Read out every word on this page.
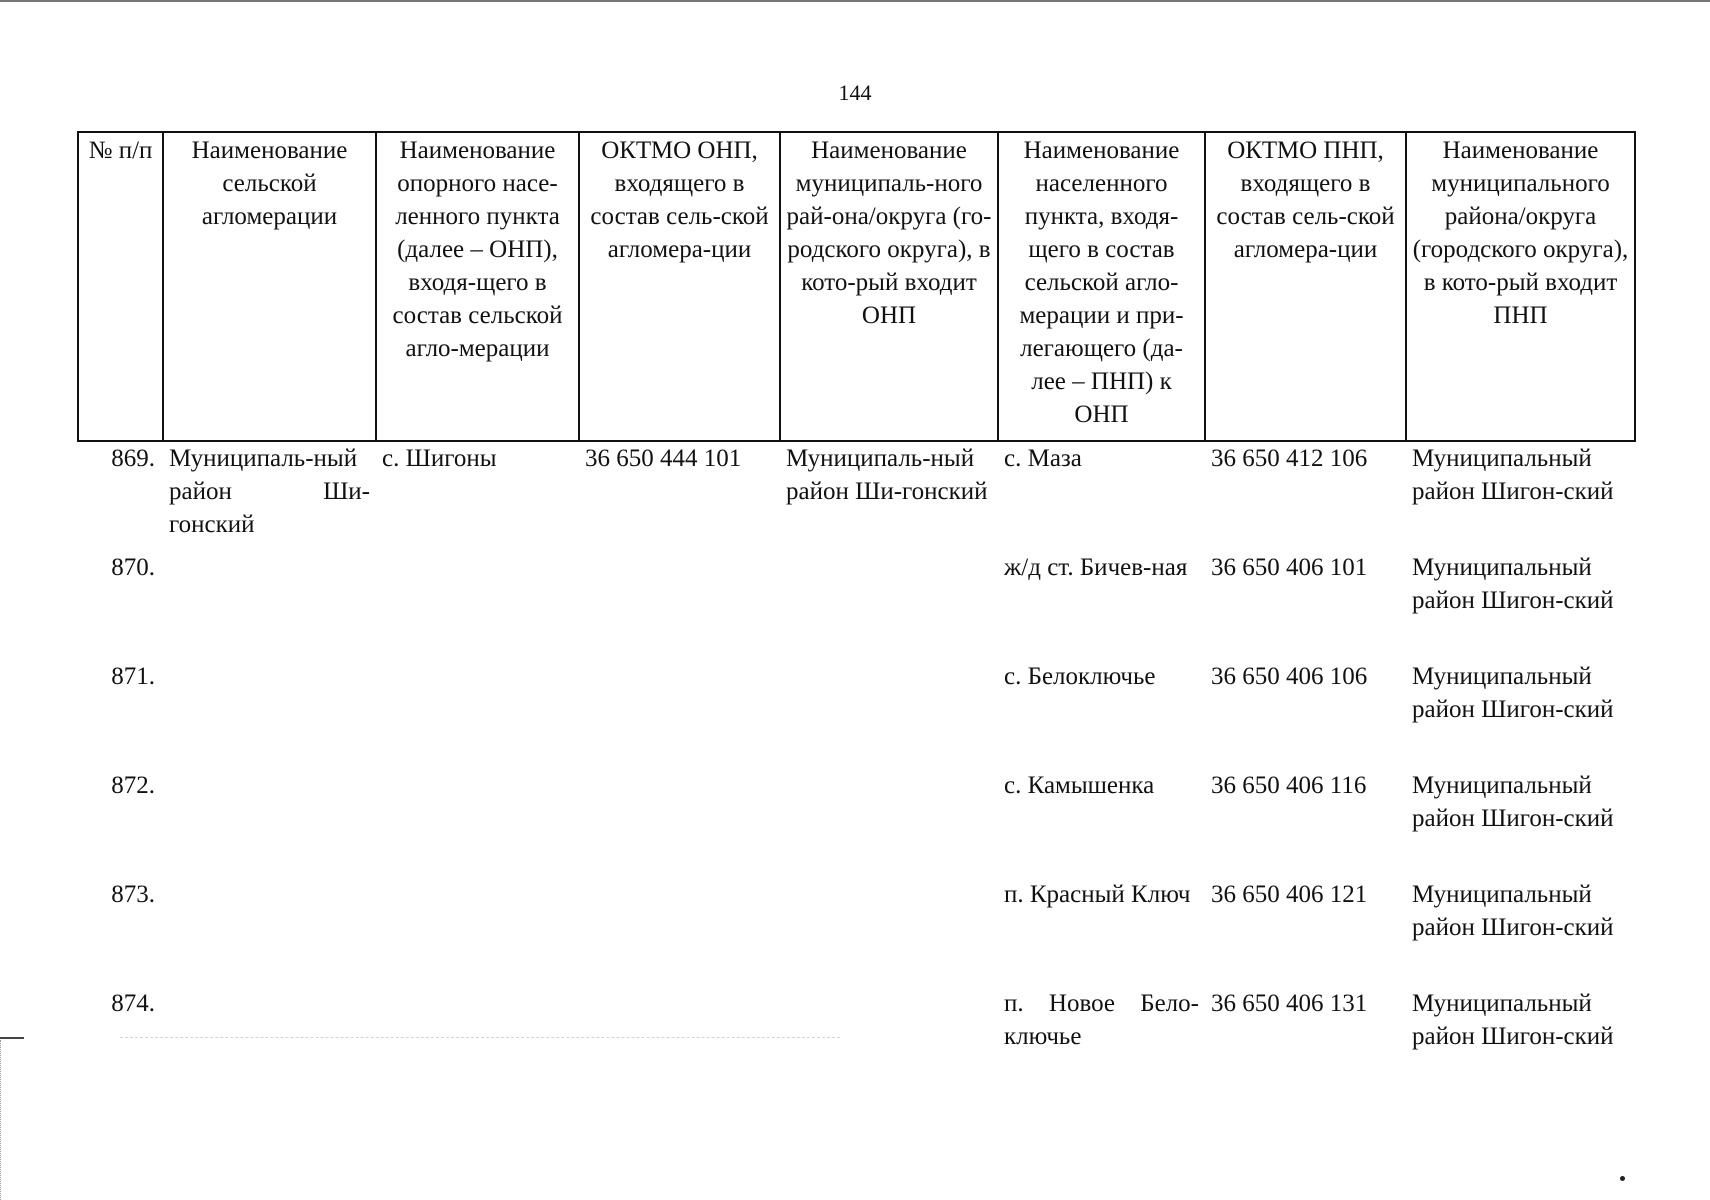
144
№ п/п	Наименование сельской агломерации	Наименование опорного насе-ленного пункта (далее – ОНП), входя-щего в состав сельской агло-мерации	ОКТМО ОНП, входящего в состав сель-ской агломера-ции	Наименование муниципаль-ного рай-она/округа (го-родского округа), в кото-рый входит ОНП	Наименование населенного пункта, входя-щего в состав сельской агло-мерации и при-легающего (да-лее – ПНП) к ОНП	ОКТМО ПНП, входящего в состав сель-ской агломера-ции	Наименование муниципального района/округа (городского округа), в кото-рый входит ПНП
869.	Муниципаль-ный район Ши-гонский	с. Шигоны	36 650 444 101	Муниципаль-ный район Ши-гонский	с. Маза	36 650 412 106	Муниципальный район Шигон-ский
870.					ж/д ст. Бичев-ная	36 650 406 101	Муниципальный район Шигон-ский
871.					с. Белоключье	36 650 406 106	Муниципальный район Шигон-ский
872.					с. Камышенка	36 650 406 116	Муниципальный район Шигон-ский
873.					п. Красный Ключ	36 650 406 121	Муниципальный район Шигон-ский
874.					п. Новое Бело-ключье	36 650 406 131	Муниципальный район Шигон-ский
